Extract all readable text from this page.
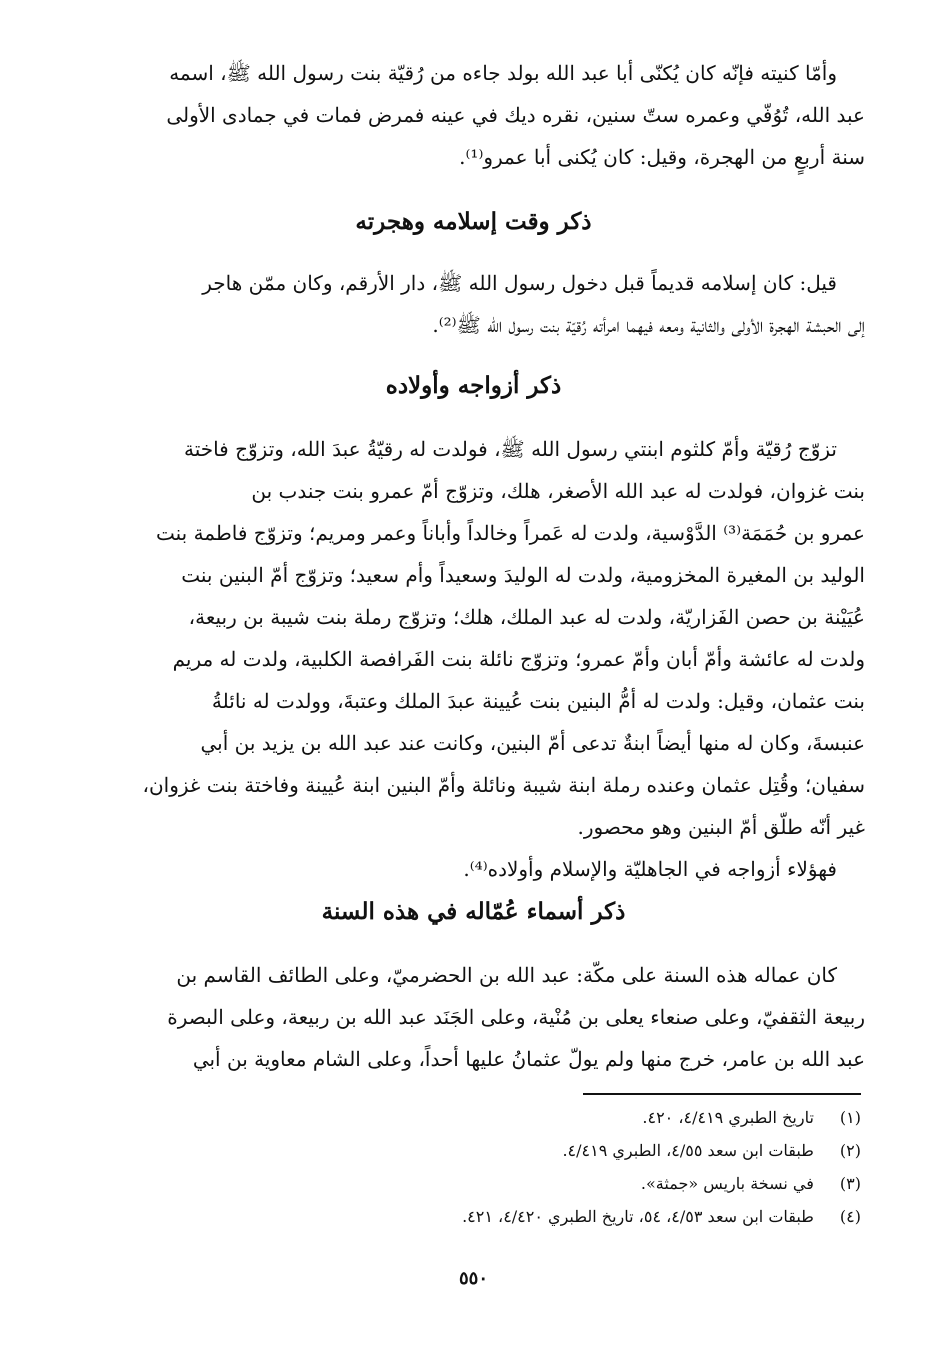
وأمّا كنيته فإنّه كان يُكنّى أبا عبد الله بولد جاءه من رُقيّة بنت رسول الله ﷺ، اسمه
عبد الله، تُوُفّي وعمره ستّ سنين، نقره ديك في عينه فمرض فمات في جمادى الأولى
سنة أربعٍ من الهجرة، وقيل: كان يُكنى أبا عمرو⁽¹⁾.
ذكر وقت إسلامه وهجرته
قيل: كان إسلامه قديماً قبل دخول رسول الله ﷺ، دار الأرقم، وكان ممّن هاجر
إلى الحبشة الهجرة الأولى والثانية ومعه فيهما امرأته رُقيّة بنت رسول الله ﷺ⁽²⁾.
ذكر أزواجه وأولاده
تزوّج رُقيّة وأمّ كلثوم ابنتي رسول الله ﷺ، فولدت له رقيّةُ عبدَ الله، وتزوّج فاختة
بنت غزوان، فولدت له عبد الله الأصغر، هلك، وتزوّج أمّ عمرو بنت جندب بن
عمرو بن حُمَمَة⁽³⁾ الدَّوْسية، ولدت له عَمراً وخالداً وأباناً وعمر ومريم؛ وتزوّج فاطمة بنت
الوليد بن المغيرة المخزومية، ولدت له الوليدَ وسعيداً وأم سعيد؛ وتزوّج أمّ البنين بنت
عُيَيْنة بن حصن الفَزاريّة، ولدت له عبد الملك، هلك؛ وتزوّج رملة بنت شيبة بن ربيعة،
ولدت له عائشة وأمّ أبان وأمّ عمرو؛ وتزوّج نائلة بنت الفَرافصة الكلبية، ولدت له مريم
بنت عثمان، وقيل: ولدت له أمُّ البنين بنت عُيينة عبدَ الملك وعتبةَ، وولدت له نائلةُ
عنبسةَ، وكان له منها أيضاً ابنةٌ تدعى أمّ البنين، وكانت عند عبد الله بن يزيد بن أبي
سفيان؛ وقُتِل عثمان وعنده رملة ابنة شيبة ونائلة وأمّ البنين ابنة عُيينة وفاختة بنت غزوان،
غير أنّه طلّق أمّ البنين وهو محصور.
فهؤلاء أزواجه في الجاهليّة والإسلام وأولاده⁽⁴⁾.
ذكر أسماء عُمّاله في هذه السنة
كان عماله هذه السنة على مكّة: عبد الله بن الحضرميّ، وعلى الطائف القاسم بن
ربيعة الثقفيّ، وعلى صنعاء يعلى بن مُنْية، وعلى الجَنَد عبد الله بن ربيعة، وعلى البصرة
عبد الله بن عامر، خرج منها ولم يولّ عثمانُ عليها أحداً، وعلى الشام معاوية بن أبي
(١) تاريخ الطبري ٤/٤١٩، ٤٢٠.
(٢) طبقات ابن سعد ٤/٥٥، الطبري ٤/٤١٩.
(٣) في نسخة باريس «جمثة».
(٤) طبقات ابن سعد ٤/٥٣، ٥٤، تاريخ الطبري ٤/٤٢٠، ٤٢١.
٥٥٠
